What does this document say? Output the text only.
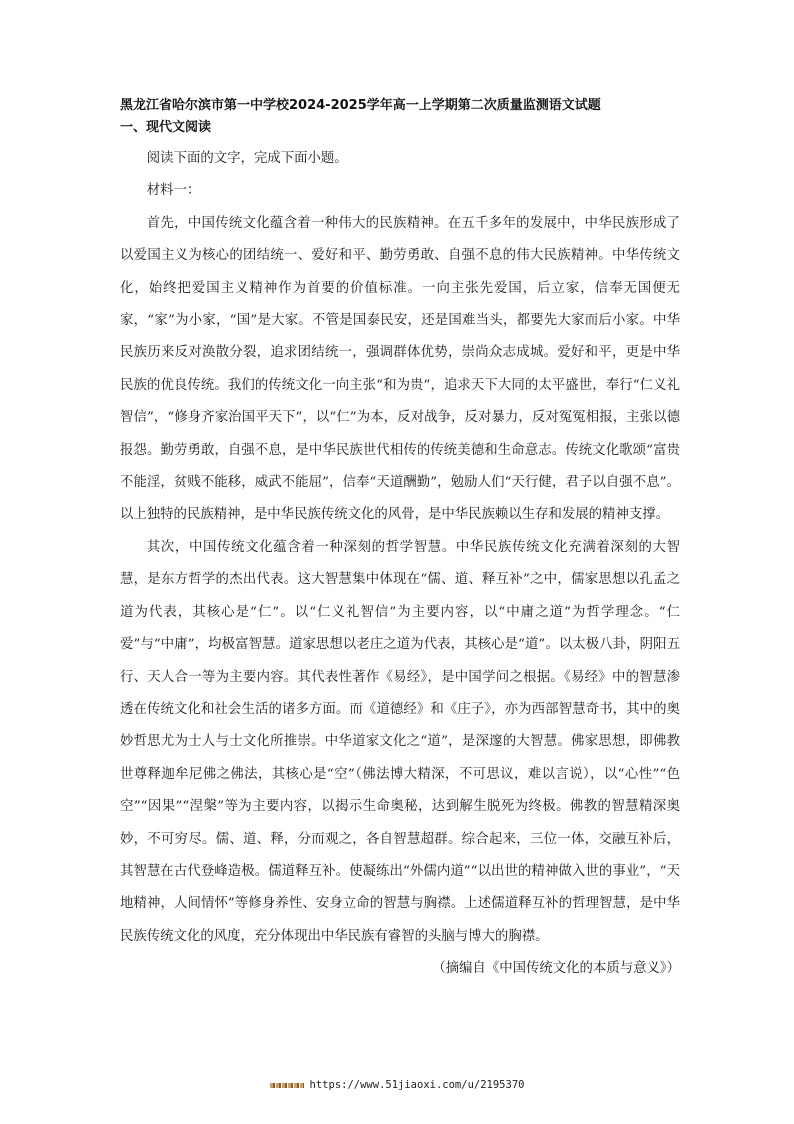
黑龙江省哈尔滨市第一中学校2024-2025学年高一上学期第二次质量监测语文试题
一、现代文阅读

阅读下面的文字，完成下面小题。

材料一：

首先，中国传统文化蕴含着一种伟大的民族精神。在五千多年的发展中，中华民族形成了以爱国主义为核心的团结统一、爱好和平、勤劳勇敢、自强不息的伟大民族精神。中华传统文化，始终把爱国主义精神作为首要的价值标准。一向主张先爱国，后立家，信奉无国便无家，“家”为小家，“国”是大家。不管是国泰民安，还是国难当头，都要先大家而后小家。中华民族历来反对涣散分裂，追求团结统一，强调群体优势，崇尚众志成城。爱好和平，更是中华民族的优良传统。我们的传统文化一向主张“和为贵”，追求天下大同的太平盛世，奉行“仁义礼智信”，“修身齐家治国平天下”，以“仁”为本，反对战争，反对暴力，反对冤冤相报，主张以德报怨。勤劳勇敢，自强不息，是中华民族世代相传的传统美德和生命意志。传统文化歌颂“富贵不能淫，贫贱不能移，威武不能屈”，信奉“天道酬勤”，勉励人们“天行健，君子以自强不息”。以上独特的民族精神，是中华民族传统文化的风骨，是中华民族赖以生存和发展的精神支撑。

其次，中国传统文化蕴含着一种深刻的哲学智慧。中华民族传统文化充满着深刻的大智慧，是东方哲学的杰出代表。这大智慧集中体现在“儒、道、释互补”之中，儒家思想以孔孟之道为代表，其核心是“仁”。以“仁义礼智信”为主要内容，以“中庸之道”为哲学理念。“仁爱”与“中庸”，均极富智慧。道家思想以老庄之道为代表，其核心是“道”。以太极八卦，阴阳五行、天人合一等为主要内容。其代表性著作《易经》，是中国学问之根据。《易经》中的智慧渗透在传统文化和社会生活的诸多方面。而《道德经》和《庄子》，亦为西部智慧奇书，其中的奥妙哲思尤为士人与士文化所推崇。中华道家文化之“道”，是深邃的大智慧。佛家思想，即佛教世尊释迦牟尼佛之佛法，其核心是“空”（佛法博大精深，不可思议，难以言说），以“心性”“色空”“因果”“涅槃”等为主要内容，以揭示生命奥秘，达到解生脱死为终极。佛教的智慧精深奥妙，不可穷尽。儒、道、释，分而观之，各自智慧超群。综合起来，三位一体，交融互补后，其智慧在古代登峰造极。儒道释互补。使凝练出“外儒内道”“以出世的精神做入世的事业”，“天地精神，人间情怀”等修身养性、安身立命的智慧与胸襟。上述儒道释互补的哲理智慧，是中华民族传统文化的风度，充分体现出中华民族有睿智的头脑与博大的胸襟。

（摘编自《中国传统文化的本质与意义》）

https://www.51jiaoxi.com/u/2195370
